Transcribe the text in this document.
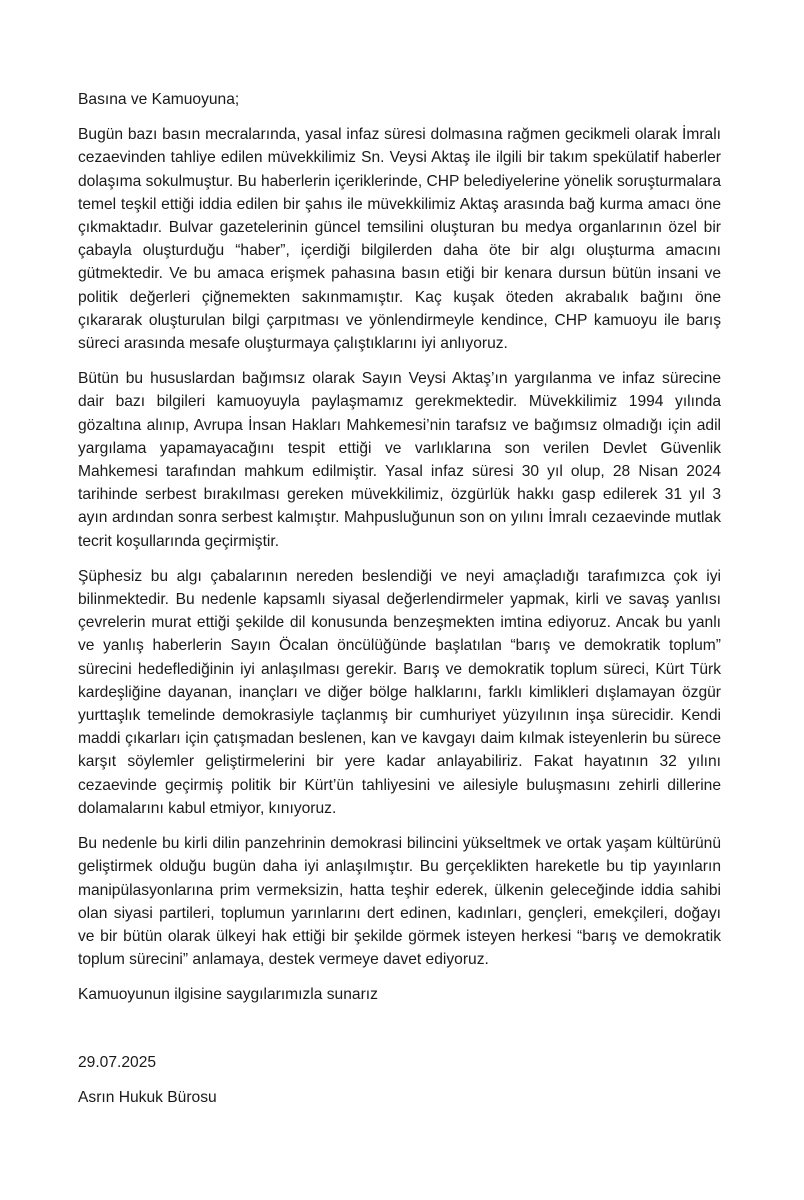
Basına ve Kamuoyuna;

Bugün bazı basın mecralarında, yasal infaz süresi dolmasına rağmen gecikmeli olarak İmralı cezaevinden tahliye edilen müvekkilimiz Sn. Veysi Aktaş ile ilgili bir takım spekülatif haberler dolaşıma sokulmuştur. Bu haberlerin içeriklerinde, CHP belediyelerine yönelik soruşturmalara temel teşkil ettiği iddia edilen bir şahıs ile müvekkilimiz Aktaş arasında bağ kurma amacı öne çıkmaktadır. Bulvar gazetelerinin güncel temsilini oluşturan bu medya organlarının özel bir çabayla oluşturduğu “haber”, içerdiği bilgilerden daha öte bir algı oluşturma amacını gütmektedir. Ve bu amaca erişmek pahasına basın etiği bir kenara dursun bütün insani ve politik değerleri çiğnemekten sakınmamıştır. Kaç kuşak öteden akrabalık bağını öne çıkararak oluşturulan bilgi çarpıtması ve yönlendirmeyle kendince, CHP kamuoyu ile barış süreci arasında mesafe oluşturmaya çalıştıklarını iyi anlıyoruz.

Bütün bu hususlardan bağımsız olarak Sayın Veysi Aktaş’ın yargılanma ve infaz sürecine dair bazı bilgileri kamuoyuyla paylaşmamız gerekmektedir. Müvekkilimiz 1994 yılında gözaltına alınıp, Avrupa İnsan Hakları Mahkemesi’nin tarafsız ve bağımsız olmadığı için adil yargılama yapamayacağını tespit ettiği ve varlıklarına son verilen Devlet Güvenlik Mahkemesi tarafından mahkum edilmiştir. Yasal infaz süresi 30 yıl olup, 28 Nisan 2024 tarihinde serbest bırakılması gereken müvekkilimiz, özgürlük hakkı gasp edilerek 31 yıl 3 ayın ardından sonra serbest kalmıştır. Mahpusluğunun son on yılını İmralı cezaevinde mutlak tecrit koşullarında geçirmiştir.

Şüphesiz bu algı çabalarının nereden beslendiği ve neyi amaçladığı tarafımızca çok iyi bilinmektedir. Bu nedenle kapsamlı siyasal değerlendirmeler yapmak, kirli ve savaş yanlısı çevrelerin murat ettiği şekilde dil konusunda benzeşmekten imtina ediyoruz. Ancak bu yanlı ve yanlış haberlerin Sayın Öcalan öncülüğünde başlatılan “barış ve demokratik toplum” sürecini hedeflediğinin iyi anlaşılması gerekir. Barış ve demokratik toplum süreci, Kürt Türk kardeşliğine dayanan, inançları ve diğer bölge halklarını, farklı kimlikleri dışlamayan özgür yurttaşlık temelinde demokrasiyle taçlanmış bir cumhuriyet yüzyılının inşa sürecidir. Kendi maddi çıkarları için çatışmadan beslenen, kan ve kavgayı daim kılmak isteyenlerin bu sürece karşıt söylemler geliştirmelerini bir yere kadar anlayabiliriz. Fakat hayatının 32 yılını cezaevinde geçirmiş politik bir Kürt’ün tahliyesini ve ailesiyle buluşmasını zehirli dillerine dolamalarını kabul etmiyor, kınıyoruz.

Bu nedenle bu kirli dilin panzehrinin demokrasi bilincini yükseltmek ve ortak yaşam kültürünü geliştirmek olduğu bugün daha iyi anlaşılmıştır. Bu gerçeklikten hareketle bu tip yayınların manipülasyonlarına prim vermeksizin, hatta teşhir ederek, ülkenin geleceğinde iddia sahibi olan siyasi partileri, toplumun yarınlarını dert edinen, kadınları, gençleri, emekçileri, doğayı ve bir bütün olarak ülkeyi hak ettiği bir şekilde görmek isteyen herkesi “barış ve demokratik toplum sürecini” anlamaya, destek vermeye davet ediyoruz.

Kamuoyunun ilgisine saygılarımızla sunarız

29.07.2025

Asrın Hukuk Bürosu
